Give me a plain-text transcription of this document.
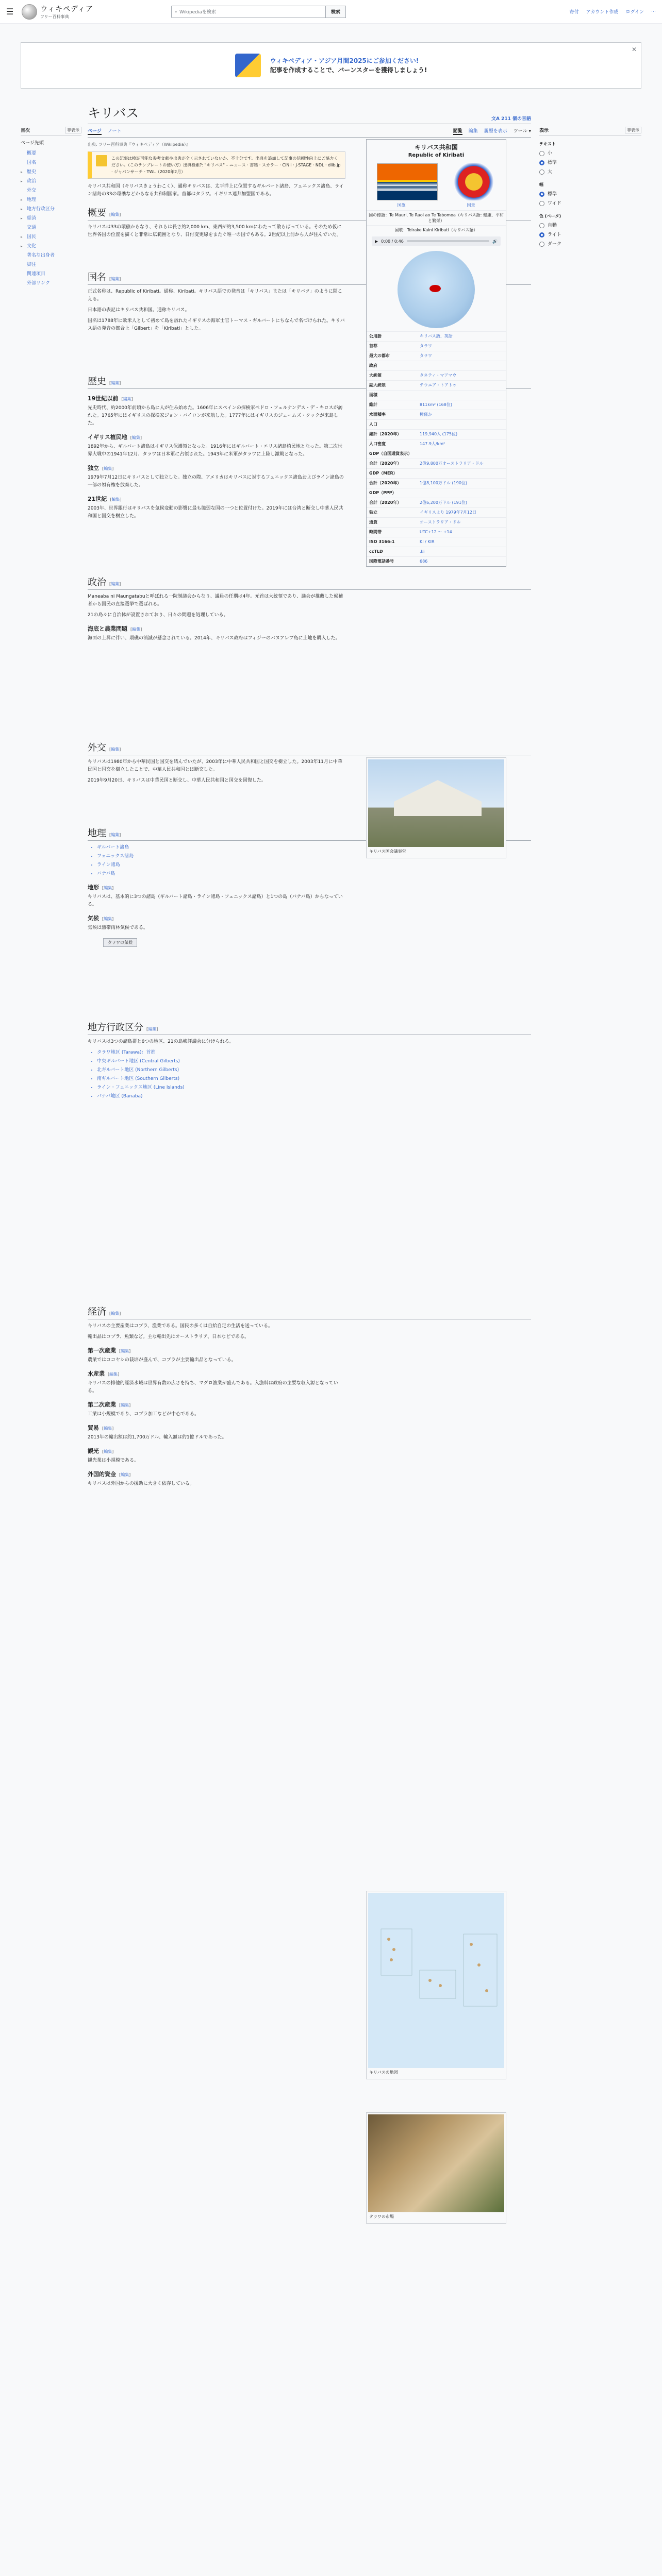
☰	ウィキペディア
フリー百科事典
⌕ Wikipediaを検索	検索	寄付 アカウント作成 ログイン ⋯
ウィキペディア・アジア月間2025にご参加ください!
記事を作成することで、バーンスターを獲得しましょう!
✕
目次	非表示
ページ先頭
概要
国名
▸ 歴史
▸ 政治
外交
▸ 地理
▸ 地方行政区分
▸ 経済
交通
▸ 国民
▸ 文化
著名な出身者
脚注
関連項目
外部リンク
キリバス	文A 211 個の言語
ページ ノート	閲覧 編集 履歴を表示 ツール ▾
出典: フリー百科事典『ウィキペディア（Wikipedia）』
この記事は検証可能な参考文献や出典が全く示されていないか、不十分です。出典を追加して記事の信頼性向上にご協力ください。（このテンプレートの使い方）出典検索?: "キリバス" – ニュース · 書籍 · スカラー · CiNii · J-STAGE · NDL · dlib.jp · ジャパンサーチ · TWL（2020年2月）

キリバス共和国（キリバスきょうわこく）、通称キリバスは、太平洋上に位置するギルバート諸島、フェニックス諸島、ライン諸島の33の環礁などからなる共和制国家。首都はタラワ。イギリス連邦加盟国である。

概要 [編集]

キリバスは33の環礁からなり、それらは長さ約2,000 km、東西が約3,500 kmにわたって散らばっている。そのため仮に世界各国の位置を描くと非常に広範囲となり、日付変更線をまたぐ唯一の国でもある。2世紀以上前から人が住んでいた。

国名 [編集]

正式名称は、Republic of Kiribati。通称、Kiribati。キリバス語での発音は「キリバス」または「キリバツ」のように聞こえる。

日本語の表記はキリバス共和国。通称キリバス。

国名は1788年に欧米人として初めて島を訪れたイギリスの海軍士官トーマス・ギルバートにちなんで名づけられた。キリバス語の発音の都合上「Gilbert」を「Kiribati」とした。

歴史 [編集]
19世紀以前 [編集]

先史時代、約2000年前頃から島に人が住み始めた。1606年にスペインの探検家ペドロ・フェルナンデス・デ・キロスが訪れた。1765年にはイギリスの探検家ジョン・バイロンが来航した。1777年にはイギリスのジェームズ・クックが来島した。

イギリス植民地 [編集]

1892年から、ギルバート諸島はイギリス保護領となった。1916年にはギルバート・エリス諸島植民地となった。第二次世界大戦中の1941年12月、タラワは日本軍に占領された。1943年に米軍がタラワに上陸し激戦となった。

独立 [編集]

1979年7月12日にキリバスとして独立した。独立の際、アメリカはキリバスに対するフェニックス諸島およびライン諸島の一部の領有権を放棄した。

21世紀 [編集]

2003年、世界銀行はキリバスを気候変動の影響に最も脆弱な国の一つと位置付けた。2019年には台湾と断交し中華人民共和国と国交を樹立した。

政治 [編集]

Maneaba ni Maungatabuと呼ばれる一院制議会からなり、議員の任期は4年。元首は大統領であり、議会が推薦した候補者から国民の直接選挙で選ばれる。

21の島々に自治体が設置されており、日々の問題を処理している。

海底と農業問題 [編集]

海面の上昇に伴い、環礁の消滅が懸念されている。2014年、キリバス政府はフィジーのバヌアレブ島に土地を購入した。

外交 [編集]

キリバスは1980年から中華民国と国交を結んでいたが、2003年に中華人民共和国と国交を樹立した。2003年11月に中華民国と国交を樹立したことで、中華人民共和国とは断交した。

2019年9月20日、キリバスは中華民国と断交し、中華人民共和国と国交を回復した。

地理 [編集]
• ギルバート諸島
• フェニックス諸島
• ライン諸島
• バナバ島
地形 [編集]

キリバスは、基本的に3つの諸島（ギルバート諸島・ライン諸島・フェニックス諸島）と1つの島（バナバ島）からなっている。

気候 [編集]

気候は熱帯雨林気候である。

タラワの気候
地方行政区分 [編集]

キリバスは3つの諸島群と6つの地区、21の島嶼評議会に分けられる。

• タラワ地区 (Tarawa)：首都
• 中央ギルバート地区 (Central Gilberts)
• 北ギルバート地区 (Northern Gilberts)
• 南ギルバート地区 (Southern Gilberts)
• ライン・フェニックス地区 (Line Islands)
• バナバ地区 (Banaba)
経済 [編集]

キリバスの主要産業はコプラ、漁業である。国民の多くは自給自足の生活を送っている。

輸出品はコプラ、魚類など。主な輸出先はオーストラリア、日本などである。

第一次産業 [編集]

農業ではココヤシの栽培が盛んで、コプラが主要輸出品となっている。

水産業 [編集]

キリバスの排他的経済水域は世界有数の広さを持ち、マグロ漁業が盛んである。入漁料は政府の主要な収入源となっている。

第二次産業 [編集]

工業は小規模であり、コプラ加工などが中心である。

貿易 [編集]

2013年の輸出額は約1,700万ドル、輸入額は約1億ドルであった。

観光 [編集]

観光業は小規模である。

外国的資金 [編集]

キリバスは外国からの援助に大きく依存している。

キリバス共和国
Republic of Kiribati
国旗	国章
国の標語：Te Mauri, Te Raoi ao Te Tabomoa（キリバス語: 健康、平和と繁栄）
国歌：Teirake Kaini Kiribati（キリバス語）
▶ 0:00 / 0:46	🔊
公用語	キリバス語、英語
首都	タラワ
最大の都市	タラワ
政府
大統領	タネティ・マアマウ
副大統領	テウエア・トアトゥ
面積
総計	811km² (168位)
水面積率	極僅か
人口
総計（2020年）	119,940人 (175位)
人口密度	147.9人/km²
GDP（自国通貨表示）
合計（2020年）	2億9,800万オーストラリア・ドル
GDP（MER）
合計（2020年）	1億8,100万ドル (190位)
GDP（PPP）
合計（2020年）	2億6,200万ドル (191位)
独立	イギリスより 1979年7月12日
通貨	オーストラリア・ドル
時間帯	UTC+12 〜 +14
ISO 3166-1	KI / KIR
ccTLD	.ki
国際電話番号	686
キリバス国会議事堂
キリバスの地図
タラワの市場
表示	非表示
テキスト
小
標準
大
幅
標準
ワイド
色 (ベータ)
自動
ライト
ダーク
